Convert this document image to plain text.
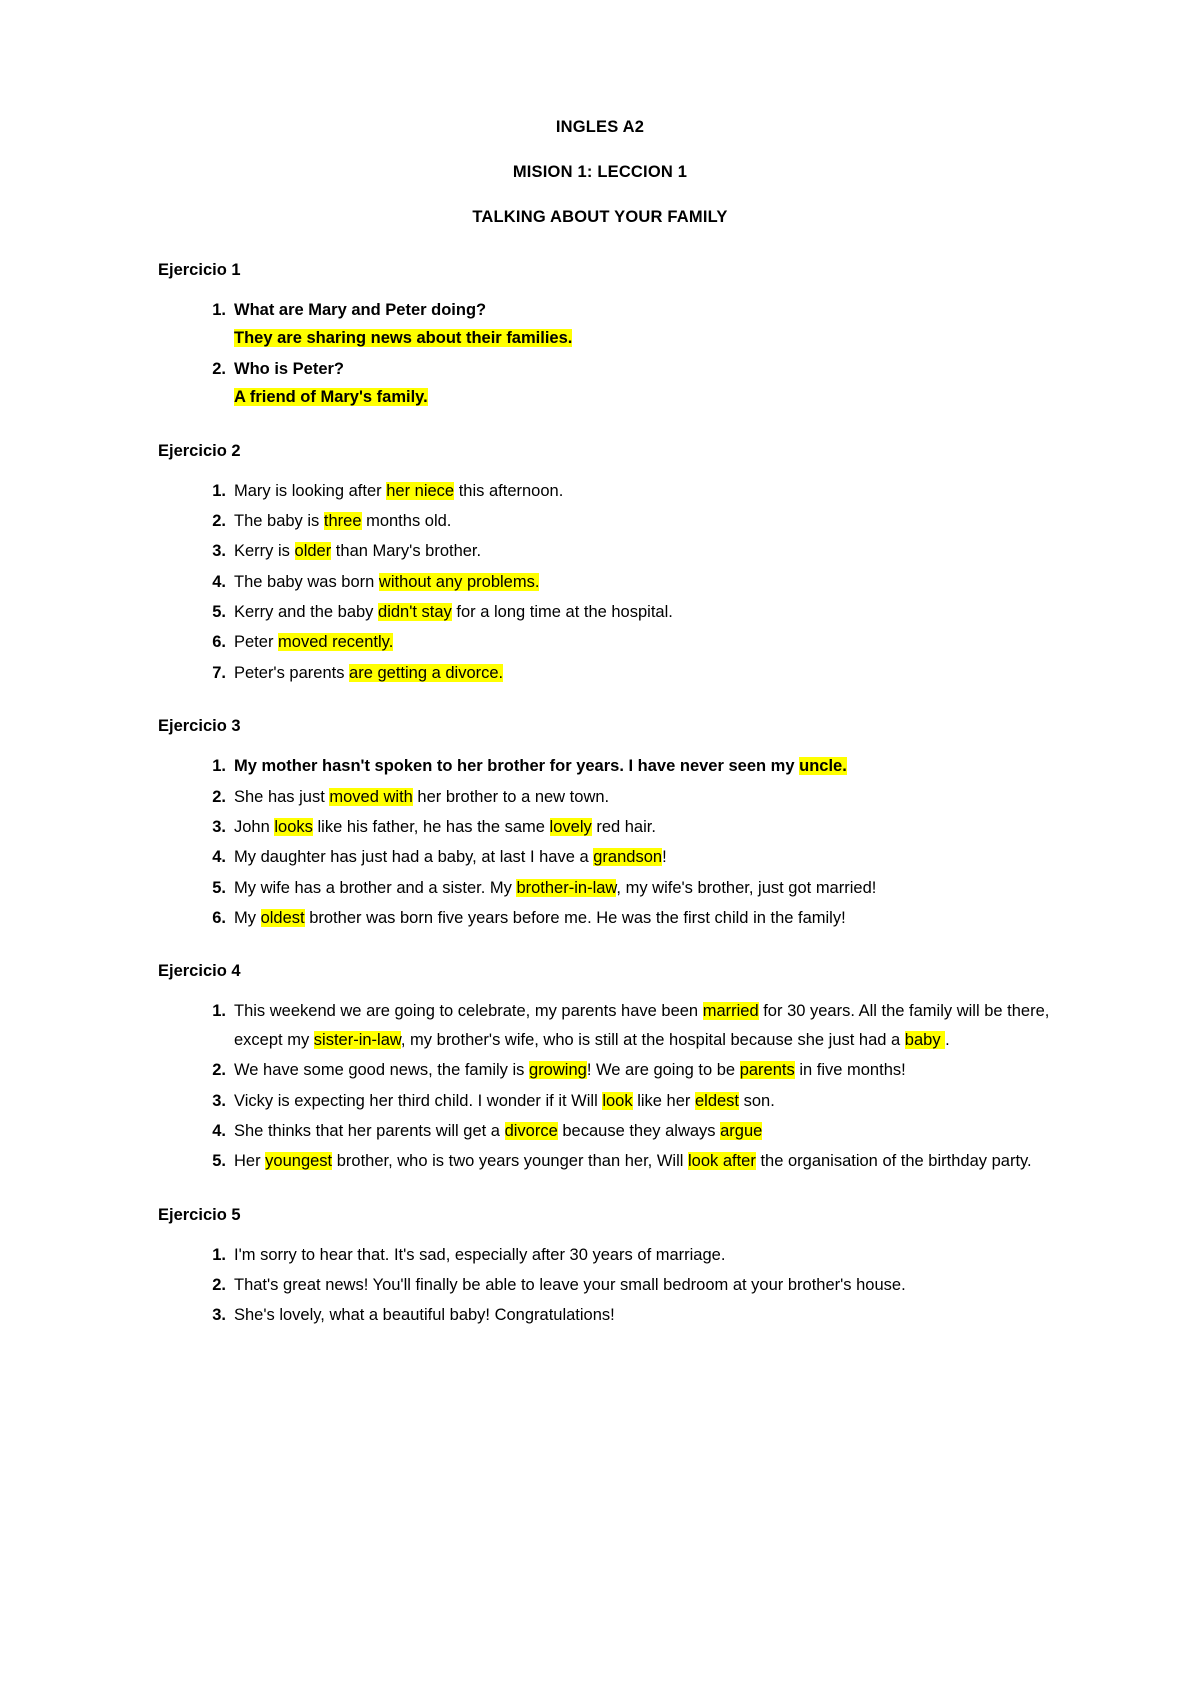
INGLES A2
MISION 1: LECCION 1
TALKING ABOUT YOUR FAMILY
Ejercicio 1
What are Mary and Peter doing?
They are sharing news about their families.
Who is Peter?
A friend of Mary's family.
Ejercicio 2
Mary is looking after her niece this afternoon.
The baby is three months old.
Kerry is older than Mary's brother.
The baby was born without any problems.
Kerry and the baby didn't stay for a long time at the hospital.
Peter moved recently.
Peter's parents are getting a divorce.
Ejercicio 3
My mother hasn't spoken to her brother for years. I have never seen my uncle.
She has just moved with her brother to a new town.
John looks like his father, he has the same lovely red hair.
My daughter has just had a baby, at last I have a grandson!
My wife has a brother and a sister. My brother-in-law, my wife's brother, just got married!
My oldest brother was born five years before me. He was the first child in the family!
Ejercicio 4
This weekend we are going to celebrate, my parents have been married for 30 years. All the family will be there, except my sister-in-law, my brother's wife, who is still at the hospital because she just had a baby .
We have some good news, the family is growing! We are going to be parents in five months!
Vicky is expecting her third child. I wonder if it Will look like her eldest son.
She thinks that her parents will get a divorce because they always argue
Her youngest brother, who is two years younger than her, Will look after the organisation of the birthday party.
Ejercicio 5
I'm sorry to hear that. It's sad, especially after 30 years of marriage.
That's great news! You'll finally be able to leave your small bedroom at your brother's house.
She's lovely, what a beautiful baby! Congratulations!
